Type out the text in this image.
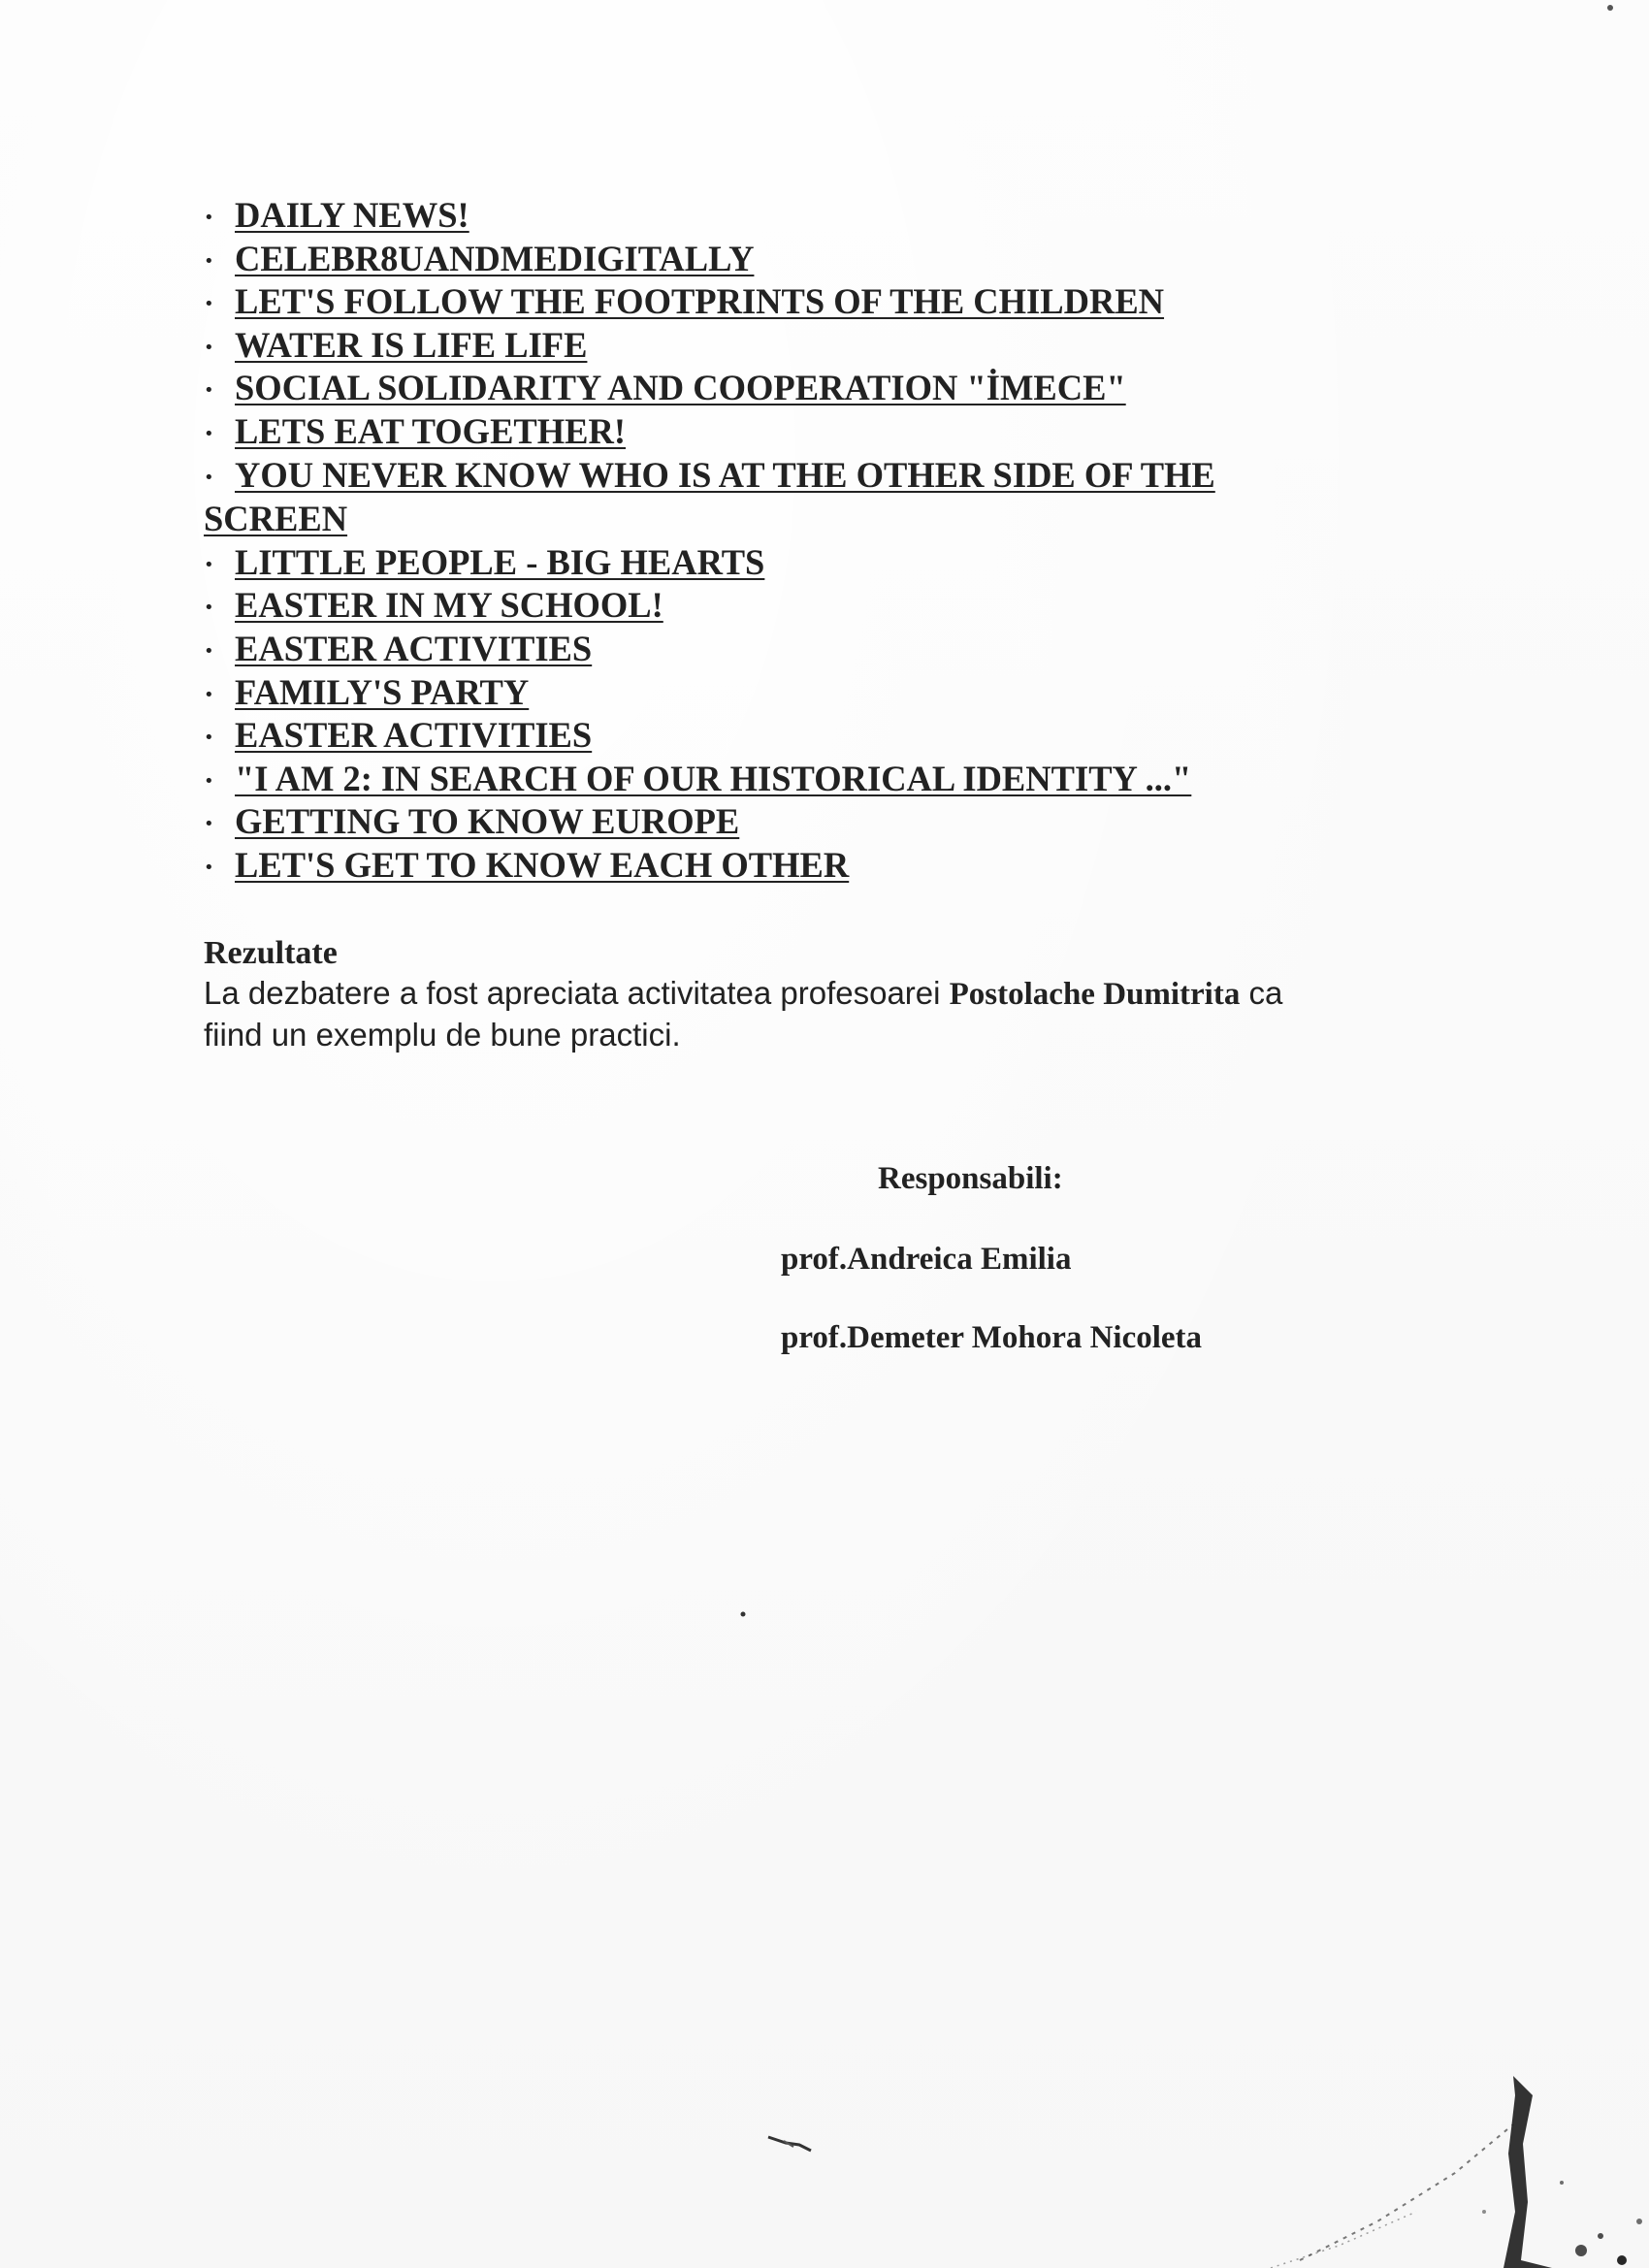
· DAILY NEWS!
· CELEBR8UANDMEDIGITALLY
· LET'S FOLLOW THE FOOTPRINTS OF THE CHILDREN
· WATER IS LIFE LIFE
· SOCIAL SOLIDARITY AND COOPERATION "İMECE"
· LETS EAT TOGETHER!
· YOU NEVER KNOW WHO IS AT THE OTHER SIDE OF THE SCREEN
· LITTLE PEOPLE - BIG HEARTS
· EASTER IN MY SCHOOL!
· EASTER ACTIVITIES
· FAMILY'S PARTY
· EASTER ACTIVITIES
· "I AM 2: IN SEARCH OF OUR HISTORICAL IDENTITY ..."
· GETTING TO KNOW EUROPE
· LET'S GET TO KNOW EACH OTHER
Rezultate
La dezbatere a fost apreciata activitatea profesoarei Postolache Dumitrita ca fiind un exemplu de bune practici.
Responsabili:
prof.Andreica Emilia
prof.Demeter Mohora Nicoleta
